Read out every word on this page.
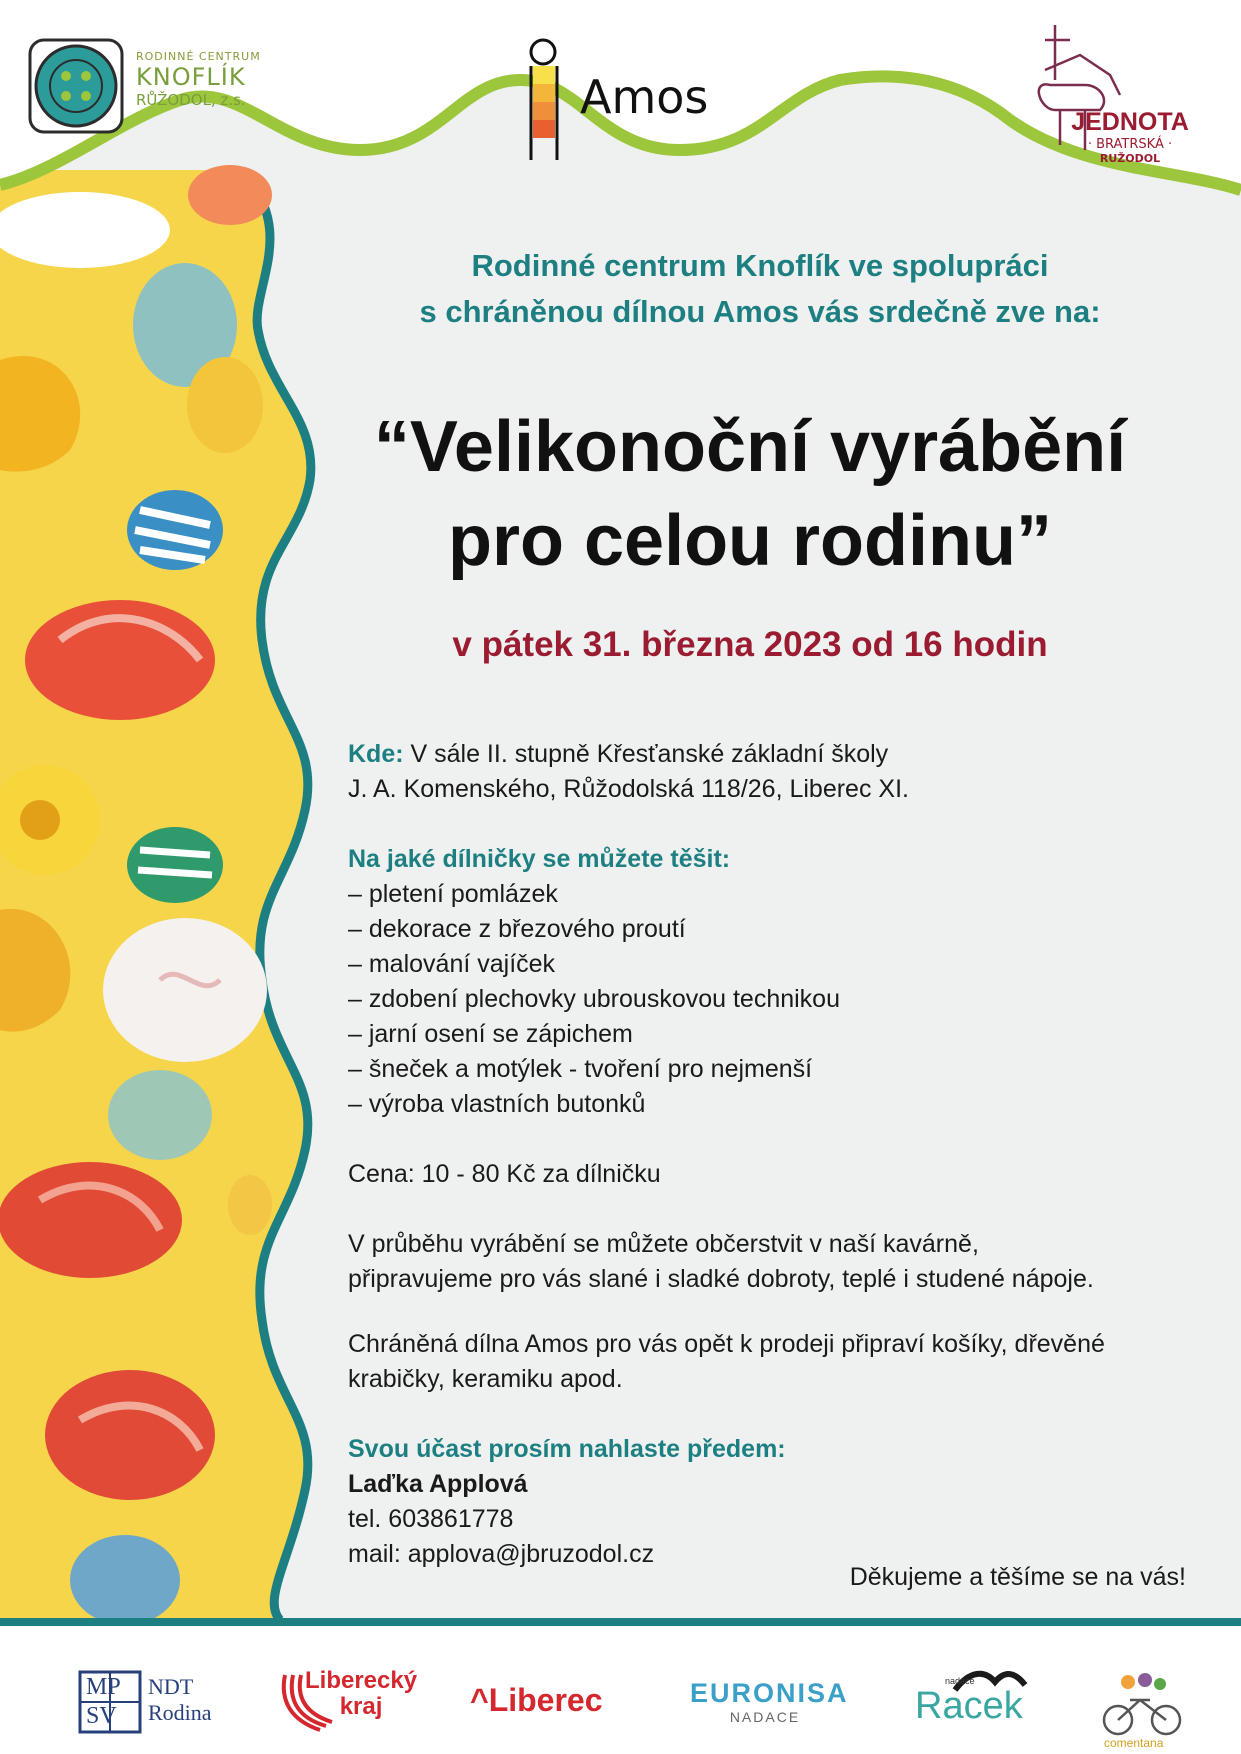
RODINNÉ CENTRUM
KNOFLÍK
RŮŽODOL, z.s.	Amos	JEDNOTA
· BRATRSKÁ ·
RUŽODOL
Rodinné centrum Knoflík ve spolupráci
s chráněnou dílnou Amos vás srdečně zve na:
“Velikonoční vyrábění
pro celou rodinu”
v pátek 31. března 2023 od 16 hodin
Kde: V sále II. stupně Křesťanské základní školy
J. A. Komenského, Růžodolská 118/26, Liberec XI.
Na jaké dílničky se můžete těšit:
– pletení pomlázek
– dekorace z březového proutí
– malování vajíček
– zdobení plechovky ubrouskovou technikou
– jarní osení se zápichem
– šneček a motýlek - tvoření pro nejmenší
– výroba vlastních butonků
Cena: 10 - 80 Kč za dílničku
V průběhu vyrábění se můžete občerstvit v naší kavárně,
připravujeme pro vás slané i sladké dobroty, teplé i studené nápoje.
Chráněná dílna Amos pro vás opět k prodeji připraví košíky, dřevěné
krabičky, keramiku apod.
Svou účast prosím nahlaste předem:
Laďka Applová
tel. 603861778
mail: applova@jbruzodol.cz
Děkujeme a těšíme se na vás!
MP
SV
NDT
Rodina
Liberecký
kraj	^Liberec	EURONISA
NADACE
nadace
Racek
comentana
